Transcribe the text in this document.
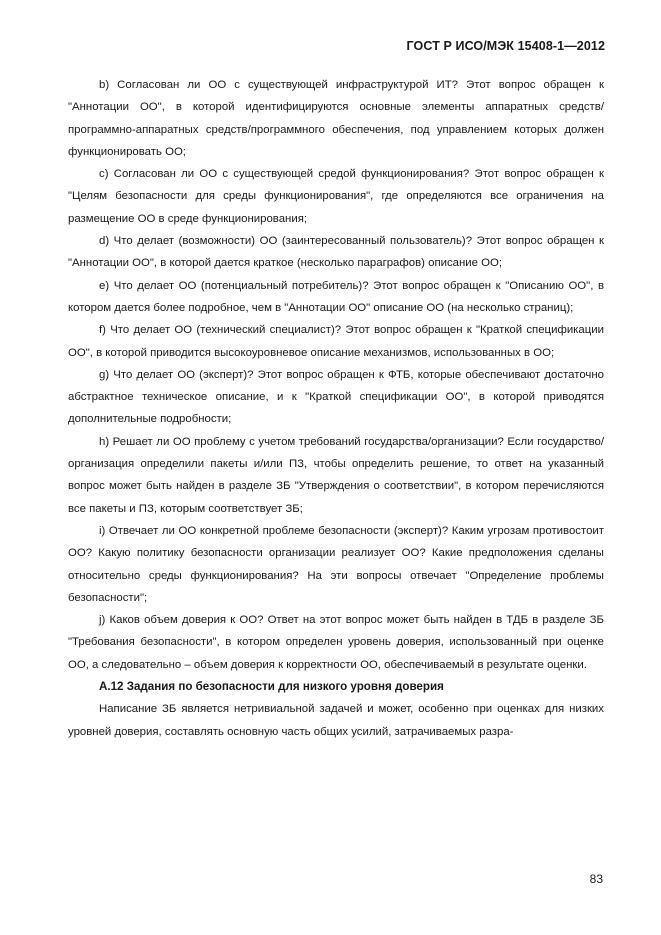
ГОСТ Р ИСО/МЭК 15408-1—2012

b) Согласован ли ОО с существующей инфраструктурой ИТ? Этот вопрос обращен к "Аннотации ОО", в которой идентифицируются основные элементы аппаратных средств/программно-аппаратных средств/программного обеспечения, под управлением которых должен функционировать ОО;

c) Согласован ли ОО с существующей средой функционирования? Этот вопрос обращен к "Целям безопасности для среды функционирования", где определяются все ограничения на размещение ОО в среде функционирования;

d) Что делает (возможности) ОО (заинтересованный пользователь)? Этот вопрос обращен к "Аннотации ОО", в которой дается краткое (несколько параграфов) описание ОО;

e) Что делает ОО (потенциальный потребитель)? Этот вопрос обращен к "Описанию ОО", в котором дается более подробное, чем в "Аннотации ОО" описание ОО (на несколько страниц);

f) Что делает ОО (технический специалист)? Этот вопрос обращен к "Краткой спецификации ОО", в которой приводится высокоуровневое описание механизмов, использованных в ОО;

g) Что делает ОО (эксперт)? Этот вопрос обращен к ФТБ, которые обеспечивают достаточно абстрактное техническое описание, и к "Краткой спецификации ОО", в которой приводятся дополнительные подробности;

h) Решает ли ОО проблему с учетом требований государства/организации? Если государство/организация определили пакеты и/или ПЗ, чтобы определить решение, то ответ на указанный вопрос может быть найден в разделе ЗБ "Утверждения о соответствии", в котором перечисляются все пакеты и ПЗ, которым соответствует ЗБ;

i) Отвечает ли ОО конкретной проблеме безопасности (эксперт)? Каким угрозам противостоит ОО? Какую политику безопасности организации реализует ОО? Какие предположения сделаны относительно среды функционирования? На эти вопросы отвечает "Определение проблемы безопасности";

j) Каков объем доверия к ОО? Ответ на этот вопрос может быть найден в ТДБ в разделе ЗБ "Требования безопасности", в котором определен уровень доверия, использованный при оценке ОО, а следовательно – объем доверия к корректности ОО, обеспечиваемый в результате оценки.

А.12 Задания по безопасности для низкого уровня доверия

Написание ЗБ является нетривиальной задачей и может, особенно при оценках для низких уровней доверия, составлять основную часть общих усилий, затрачиваемых разра-

83
